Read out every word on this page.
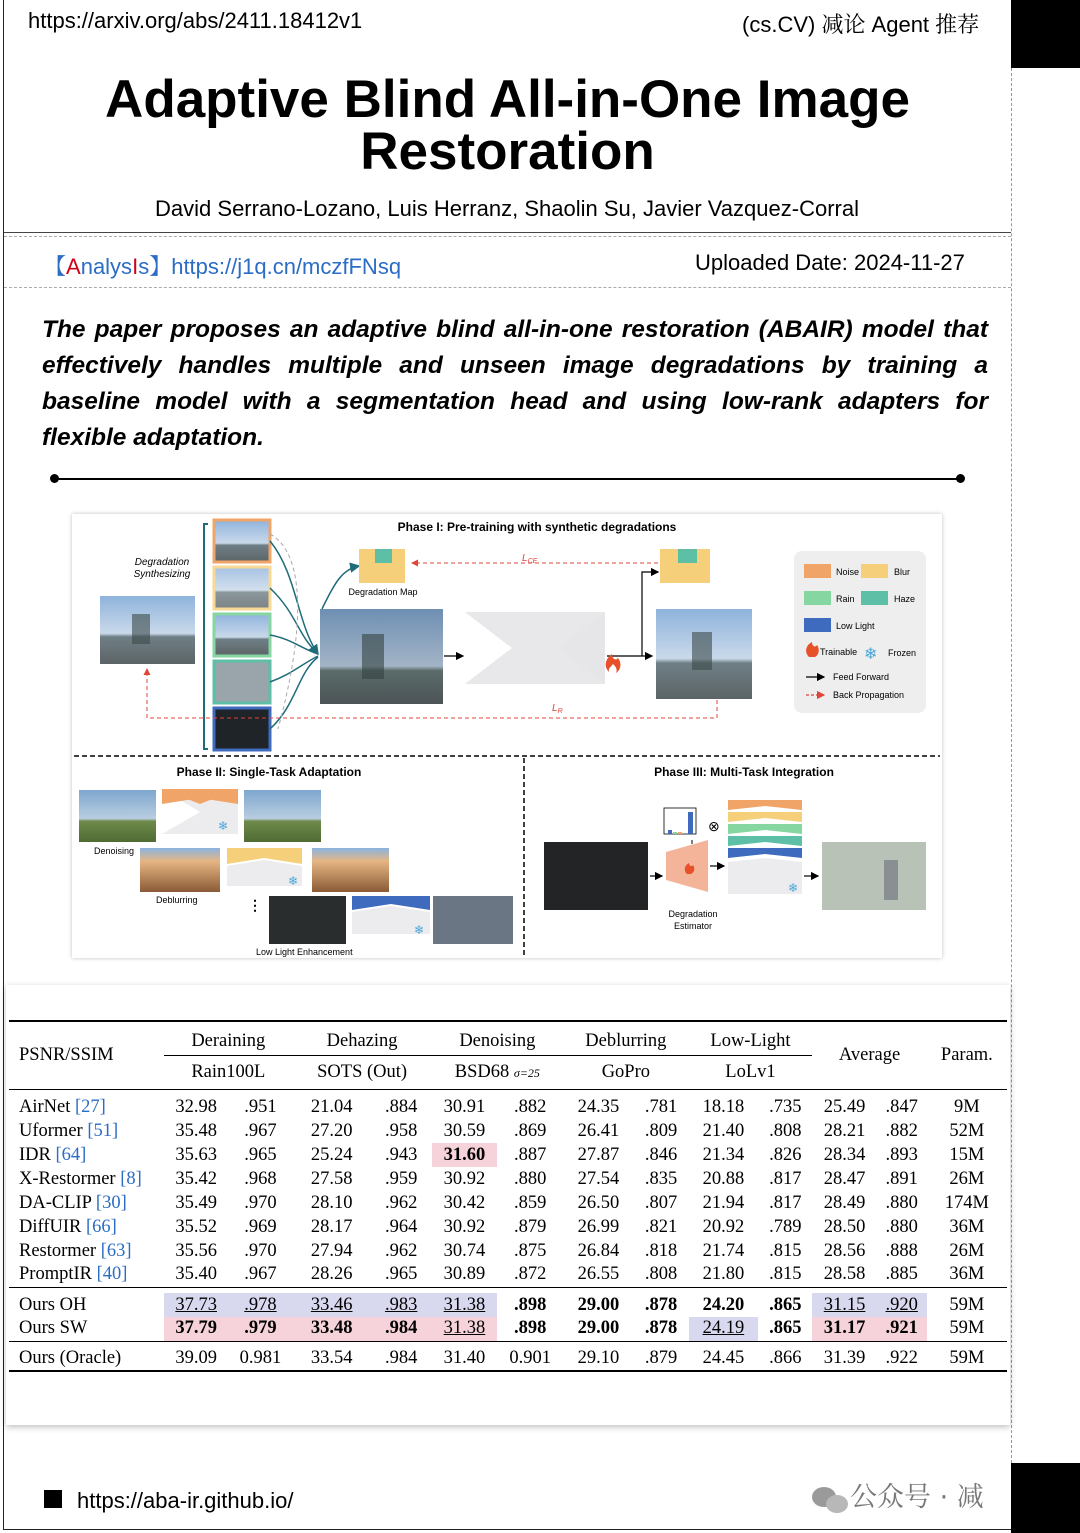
https://arxiv.org/abs/2411.18412v1	(cs.CV) 减论 Agent 推荐
Adaptive Blind All-in-One Image Restoration
David Serrano-Lozano, Luis Herranz, Shaolin Su, Javier Vazquez-Corral
【AnalysIs】https://j1q.cn/mczfFNsq	Uploaded Date: 2024-11-27
The paper proposes an adaptive blind all-in-one restoration (ABAIR) model that effectively handles multiple and unseen image degradations by training a baseline model with a segmentation head and using low-rank adapters for flexible adaptation.
Phase I: Pre-training with synthetic degradations
Degradation
Synthesizing
Degradation Map
$L_{CE}$
$L_R$
Noise	Blur
Rain	Haze
Low Light
Trainable ❄ Frozen
Feed Forward
Back Propagation
Phase II: Single-Task Adaptation
❄
Denoising
❄
Deblurring	⋮
❄
Low Light Enhancement
Phase III: Multi-Task Integration
Degradation
Estimator
⊗
❄
PSNR/SSIM	Deraining		Dehazing		Denoising		Deblurring		Low-Light		Average		Param.
	Rain100L		SOTS (Out)		BSD68 σ=25		GoPro		LoLv1				

AirNet [27]	32.98	.951	21.04	.884	30.91	.882	24.35	.781	18.18	.735	25.49	.847	9M
Uformer [51]	35.48	.967	27.20	.958	30.59	.869	26.41	.809	21.40	.808	28.21	.882	52M
IDR [64]	35.63	.965	25.24	.943	31.60	.887	27.87	.846	21.34	.826	28.34	.893	15M
X-Restormer [8]	35.42	.968	27.58	.959	30.92	.880	27.54	.835	20.88	.817	28.47	.891	26M
DA-CLIP [30]	35.49	.970	28.10	.962	30.42	.859	26.50	.807	21.94	.817	28.49	.880	174M
DiffUIR [66]	35.52	.969	28.17	.964	30.92	.879	26.99	.821	20.92	.789	28.50	.880	36M
Restormer [63]	35.56	.970	27.94	.962	30.74	.875	26.84	.818	21.74	.815	28.56	.888	26M
PromptIR [40]	35.40	.967	28.26	.965	30.89	.872	26.55	.808	21.80	.815	28.58	.885	36M

Ours OH	37.73	.978	33.46	.983	31.38	.898	29.00	.878	24.20	.865	31.15	.920	59M
Ours SW	37.79	.979	33.48	.984	31.38	.898	29.00	.878	24.19	.865	31.17	.921	59M

Ours (Oracle)	39.09	0.981	33.54	.984	31.40	0.901	29.10	.879	24.45	.866	31.39	.922	59M
https://aba-ir.github.io/	公众号 · 减
